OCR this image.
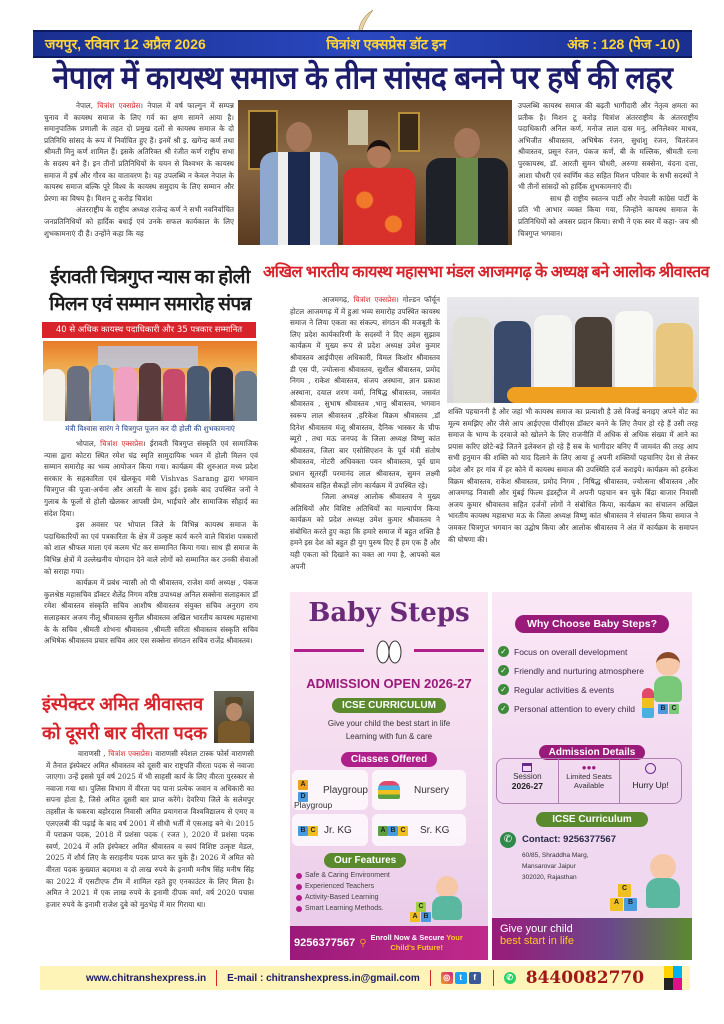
जयपुर, रविवार 12 अप्रैल 2026	चित्रांश एक्सप्रेस डॉट इन	अंक : 128 (पेज -10)
नेपाल में कायस्थ समाज के तीन सांसद बनने पर हर्ष की लहर

नेपाल, चित्रांश एक्सप्रेस। नेपाल में वर्ष फाल्गुन में सम्पन्न चुनाव में कायस्थ समाज के लिए गर्व का क्षण सामने आया है। समानुपातिक प्रणाली के तहत दो प्रमुख दलों से कायस्थ समाज के दो प्रतिनिधि सांसद के रूप में निर्वाचित हुए हैं। इनमें श्री इ. खगेन्द्र कर्ण तथा श्रीमती मिनु कर्ण शामिल हैं। इसके अतिरिक्त श्री रंजीत कर्ण राष्ट्रीय सभा के सदस्य बने हैं। इन तीनों प्रतिनिधियों के चयन से विश्वभर के कायस्थ समाज में हर्ष और गौरव का वातावरण है। यह उपलब्धि न केवल नेपाल के कायस्थ समाज बल्कि पूरे विश्व के कायस्थ समुदाय के लिए सम्मान और प्रेरणा का विषय है। मिशन टू करोड़ चित्रांश

अंतरराष्ट्रीय के राष्ट्रीय अध्यक्ष राजेन्द्र कर्ण ने सभी नवनिर्वाचित जनप्रतिनिधियों को हार्दिक बधाई एवं उनके सफल कार्यकाल के लिए शुभकामनाएं दी हैं। उन्होंने कहा कि यह

उपलब्धि कायस्थ समाज की बढ़ती भागीदारी और नेतृत्व क्षमता का प्रतीक है। मिशन टू करोड़ चित्रांश अंतरराष्ट्रीय के अंतरराष्ट्रीय पदाधिकारी अनिल कर्ण, मनोज लाल दास मनु, अनिलेश्वर माधव, अभिजीत श्रीवास्तव, अभिषेक रंजन, सुधांशु रंजन, चितरंजन श्रीवास्तव, प्रसून रंजन, पंकज कर्ण, बी के मल्लिक, श्रीमती रत्ना पुरकायस्थ, डॉ. आरती सुमन चौधरी, अरुणा सक्सेना, वंदना दत्ता, आशा चौधरी एवं स्वर्णिम कंठ सहित मिशन परिवार के सभी सदस्यों ने भी तीनों सांसदों को हार्दिक शुभकामनाएं दीं।

साथ ही राष्ट्रीय स्वतन्त्र पार्टी और नेपाली कांग्रेस पार्टी के प्रति भी आभार व्यक्त किया गया, जिन्होंने कायस्थ समाज के प्रतिनिधियों को अवसर प्रदान किया। सभी ने एक स्वर में कहा- जय श्री चित्रगुप्त भगवान।

ईरावती चित्रगुप्त न्यास का होली
मिलन एवं सम्मान समारोह संपन्न
40 से अधिक कायस्थ पदाधिकारी और 35 पत्रकार सम्मानित
मंत्री विश्वास सारंग ने चित्रगुप्त पूजन कर दी होली की शुभकामनाएं

भोपाल, चित्रांश एक्सप्रेस। ईरावती चित्रगुप्त संस्कृति एवं सामाजिक न्यास द्वारा कोटरा स्थित रमेश चंद्र स्मृति सामुदायिक भवन में होली मिलन एवं सम्मान समारोह का भव्य आयोजन किया गया। कार्यक्रम की शुरुआत मध्य प्रदेश सरकार के सहकारिता एवं खेलकूद मंत्री Vishvas Sarang द्वारा भगवान चित्रगुप्त की पूजा-अर्चना और आरती के साथ हुई। इसके बाद उपस्थित जनों ने गुलाब के फूलों से होली खेलकर आपसी प्रेम, भाईचारे और सामाजिक सौहार्द का संदेश दिया।

इस अवसर पर भोपाल जिले के विभिन्न कायस्थ समाज के पदाधिकारियों का एवं पत्रकारिता के क्षेत्र में उत्कृष्ट कार्य करने वाले चित्रांश पत्रकारों को शाल श्रीफल माला एवं कलम भेंट कर सम्मानित किया गया। साथ ही समाज के विभिन्न क्षेत्रों में उल्लेखनीय योगदान देने वाले लोगों को सम्मानित कर उनकी सेवाओं को सराहा गया।

कार्यक्रम में प्रबंध न्यासी ओ पी श्रीवास्तव, राजेश वर्मा अध्यक्ष , पंकज कुलश्रेष्ठ महासचिव डॉक्टर शैलेंद्र निगम वरिष्ठ उपाध्यक्ष अनिल सक्सेना सलाहकार डॉ रमेश श्रीवास्तव संस्कृति सचिव आशीष श्रीवास्तव संयुक्त सचिव अनुराग राय सलाहकार अजय नीलू श्रीवास्तव सुनील श्रीवास्तव अखिल भारतीय कायस्थ महासभा के के सचिव ,श्रीमती शोभना श्रीवास्तव ,श्रीमती सरिता श्रीवास्तव संस्कृति सचिव अभिषेक श्रीवास्तव प्रचार सचिव आर एस सक्सेना संगठन सचिव राजेंद्र श्रीवास्तव।

इंस्पेक्टर अमित श्रीवास्तव
को दूसरी बार वीरता पदक

वाराणसी , चित्रांश एक्सप्रेस। वाराणसी स्पेशल टास्क फोर्स वाराणसी में तैनात इंस्पेक्टर अमित श्रीवास्तव को दूसरी बार राष्ट्रपति वीरता पदक से नवाजा जाएगा। उन्हें इससे पूर्व वर्ष 2025 में भी साहसी कार्य के लिए वीरता पुरस्कार से नवाजा गया था। पुलिस विभाग में वीरता पद पाना प्रत्येक जवान व अधिकारी का सपना होता है, जिसे अमित दूसरी बार प्राप्त करेंगे। देवरिया जिले के सलेमपुर तहसील के चकरवा बहोरदास निवासी अमित प्रयागराज विश्वविद्यालय से एमए व एलएलबी की पढ़ाई के बाद वर्ष 2001 में सीधी भर्ती में एसआइ बने थे। 2015 में पराक्रम पदक, 2018 में प्रशंसा पदक ( रजत ), 2020 में प्रशंसा पदक स्वर्ण, 2024 में अति इंस्पेक्टर अमित श्रीवास्तव व स्वयं विशिष्ट उत्कृष्ट मेडल, 2025 में शौर्य लिए के सराहनीय पदक प्राप्त कर चुके हैं। 2026 में अमित को वीरता पदक कुख्यात बदमाश व दो लाख रुपये के इनामी मनीष सिंह मनीष सिंह का 2022 में एसटीएफ टीम में शामिल रहते हुए एनकाउंटर के लिए मिला है। अमित ने 2021 में एक लाख रुपये के इनामी दीपक वर्मा, वर्ष 2020 पचास हजार रुपये के इनामी राजेश दुबे को मुठभेड़ में मार गिराया था।

अखिल भारतीय कायस्थ महासभा मंडल आजमगढ़ के अध्यक्ष बने आलोक श्रीवास्तव

आजमगढ़, चित्रांश एक्सप्रेस। गोल्डन फॉर्चून होटल आजमगढ़ में में हुआ भव्य समारोह उपस्थित कायस्थ समाज ने लिया एकता का संकल्प, संगठन की मजबूती के लिए प्रदेश कार्यकारिणी के सदस्यों ने दिए अहम सुझाव कार्यक्रम में मुख्य रूप से प्रदेश अध्यक्ष उमेश कुमार श्रीवास्तव आईपीएस अधिकारी, विमल किशोर श्रीवास्तव डी एस पी, ज्योत्सना श्रीवास्तव, सुशील श्रीवास्तव, प्रमोद निगम , राकेश श्रीवास्तव, संजय अस्थाना, ज्ञान प्रकाश अस्थाना, दयाल शरण वर्मा, निषिद्ध श्रीवास्तव, जसवंत श्रीवास्तव , सुभाष श्रीवास्तव ,भानु श्रीवास्तव, भगवान स्वरूप लाल श्रीवास्तव ,हरिकेश विक्रम श्रीवास्तव ,डॉ दिनेश श्रीवास्तव मंजू श्रीवास्तव, दैनिक भास्कर के चीफ ब्यूरो , तथा मऊ जनपद के जिला अध्यक्ष विष्णु कांत श्रीवास्तव, जिला बार एसोसिएशन के पूर्व मंत्री संतोष श्रीवास्तव, नोटरी अधिवक्ता पवन श्रीवास्तव, पूर्व ग्राम प्रधान सूतरहीं परमानंद लाल श्रीवास्तव, सुमन लक्ष्मी श्रीवास्तव सहित सैकड़ों लोग कार्यक्रम में उपस्थित रहे।

जिला अध्यक्ष आलोक श्रीवास्तव ने मुख्य अतिथियों और विशिष्ट अतिथियों का माल्यार्पण किया कार्यक्रम को प्रदेश अध्यक्ष उमेश कुमार श्रीवास्तव ने संबोधित करते हुए कहा कि हमारे समाज में बहुत शक्ति है हमने इस देश को बहुत ही युग पुरुष दिए हैं हम एक हैं और यही एकता को दिखाने का वक्त आ गया है, आपको बल अपनी

शक्ति पहचाननी है और जहां भी कायस्थ समाज का प्रत्याशी है उसे विजई बनाइए अपने वोट का मूल्य समझिए और जैसे आप आईएएस पीसीएस डॉक्टर बनने के लिए तैयार हो रहे हैं उसी तरह समाज के भाग्य के दरवाजे को खोलने के लिए राजनीति में अधिक से अधिक संख्या में आने का प्रयास करिए छोटे-बड़े जितने इलेक्शन हो रहे हैं सब के भागीदार बनिए मैं जामवंत की तरह आप सभी हनुमान की शक्ति को याद दिलाने के लिए आया हूं अपनी शक्तियों पहचानिए देश से लेकर प्रदेश और हर गांव में हर कोने में कायस्थ समाज की उपस्थिति दर्ज कराइये। कार्यक्रम को हरकेश विक्रम श्रीवास्तव, राकेश श्रीवास्तव, प्रमोद निगम , निषिद्ध श्रीवास्तव, ज्योत्सना श्रीवास्तव ,और आजमगढ़ निवासी और मुंबई फिल्म इंडस्ट्रीज में अपनी पहचान बन चुके बिंद्रा बाजार निवासी अजय कुमार श्रीवास्तव सहित दर्जनों लोगों ने संबोधित किया, कार्यक्रम का संचालन अखिल भारतीय कायस्थ महासभा मऊ के जिला अध्यक्ष विष्णु कांत श्रीवास्तव ने संचालन किया समाज ने जमकर चित्रगुप्त भगवान का उद्घोष किया और आलोक श्रीवास्तव ने अंत में कार्यक्रम के समापन की घोषणा की।

Baby Steps
ADMISSION OPEN 2026-27
ICSE CURRICULUM
Give your child the best start in life
Learning with fun & care
Classes Offered
AD
Playgroup
Playgroup
Nursery
B C Jr. KG	A B C Sr. KG
Our Features
Safe & Caring Environment
Experienced Teachers
Activity-Based Learning
Smart Learning Methods.
A B
C
9256377567 ⚲ Enroll Now & Secure Your
Child's Future!
Why Choose Baby Steps?
✓ Focus on overall development
✓ Friendly and nurturing atmosphere
✓ Regular activities & events
✓ Personal attention to every child	B C
Admission Details
Session
2026-27
●●●
Limited Seats
Available	Hurry Up!
ICSE Curriculum
✆	Contact: 9256377567
60/85, Shraddha Marg,
Mansarovar Jaipur
302020, Rajasthan
A	B
C
Give your child
best start in life
www.chitranshexpress.in E-mail : chitranshexpress.in@gmail.com	◎ t f	✆ 8440082770
